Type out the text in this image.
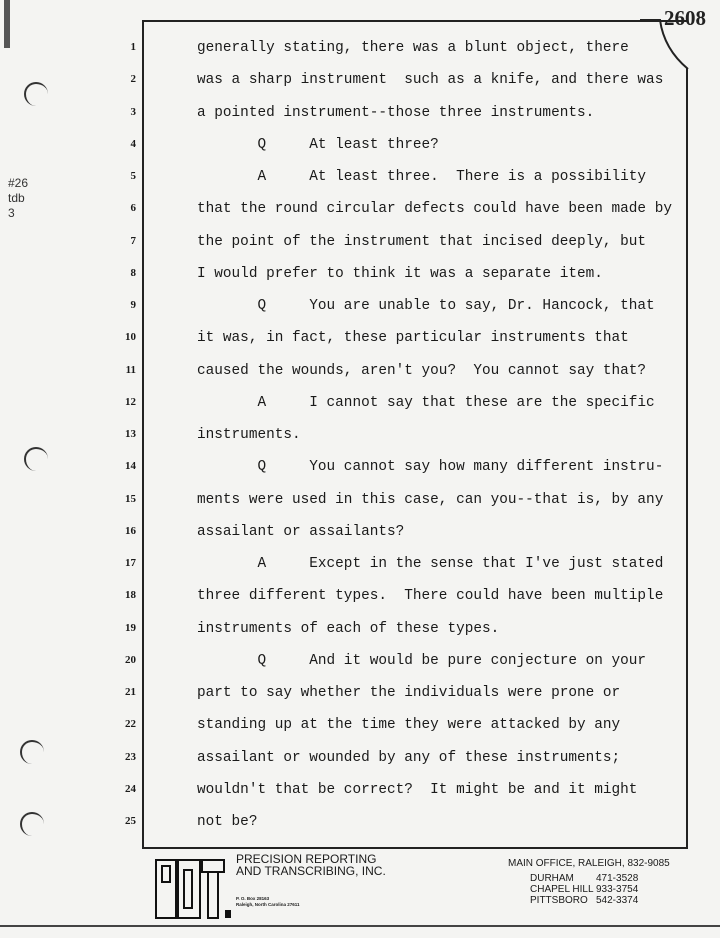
2608
#26
tdb
3
1	generally stating, there was a blunt object, there
2	was a sharp instrument  such as a knife, and there was
3	a pointed instrument--those three instruments.
4	Q     At least three?
5	A     At least three.  There is a possibility
6	that the round circular defects could have been made by
7	the point of the instrument that incised deeply, but
8	I would prefer to think it was a separate item.
9	Q     You are unable to say, Dr. Hancock, that
10	it was, in fact, these particular instruments that
11	caused the wounds, aren't you?  You cannot say that?
12	A     I cannot say that these are the specific
13	instruments.
14	Q     You cannot say how many different instru-
15	ments were used in this case, can you--that is, by any
16	assailant or assailants?
17	A     Except in the sense that I've just stated
18	three different types.  There could have been multiple
19	instruments of each of these types.
20	Q     And it would be pure conjecture on your
21	part to say whether the individuals were prone or
22	standing up at the time they were attacked by any
23	assailant or wounded by any of these instruments;
24	wouldn't that be correct?  It might be and it might
25	not be?
PRECISION REPORTING
AND TRANSCRIBING, INC.
P. O. Box 28163
Raleigh, North Carolina 27611
MAIN OFFICE, RALEIGH, 832-9085
DURHAM 471-3528
CHAPEL HILL 933-3754
PITTSBORO 542-3374
